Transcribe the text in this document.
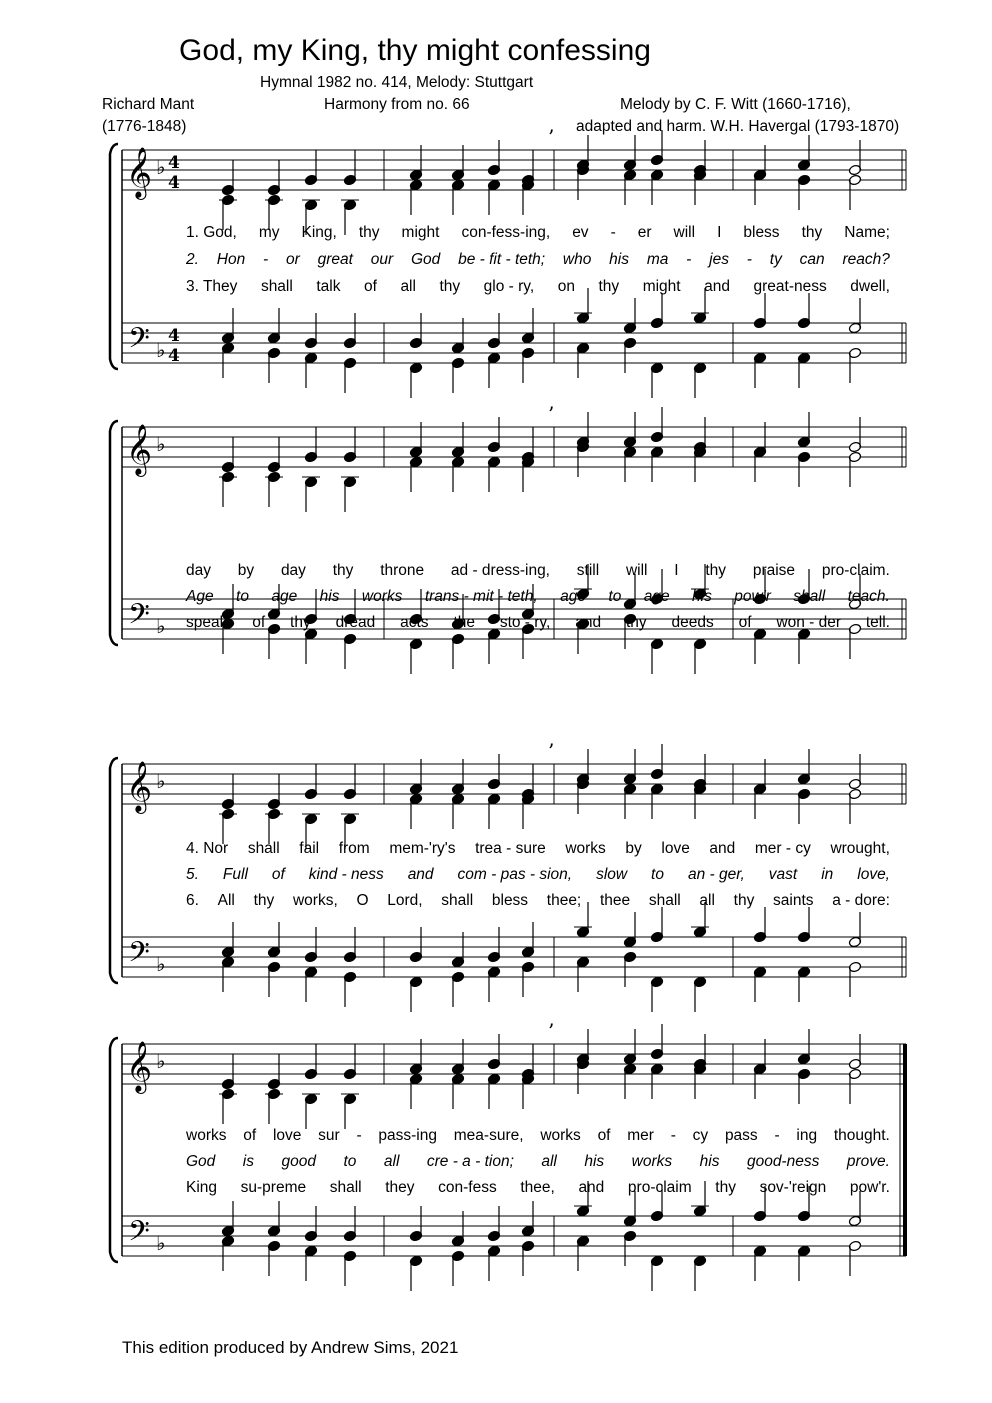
God, my King, thy might confessing
Hymnal 1982 no. 414, Melody: Stuttgart
Harmony from no. 66
Richard Mant
(1776-1848)
Melody by C. F. Witt (1660-1716),
adapted and harm. W.H. Havergal (1793-1870)
𝄞
𝄢
♭
♭
4
4
4
4
’
𝄞
𝄢
♭
♭
’
𝄞
𝄢
♭
♭
’
𝄞
𝄢
♭
♭
’
1. God, my King, thy might con-fess-ing, ev - er will I bless thy Name;
2. Hon - or great our God be - fit - teth; who his ma - jes - ty can reach?
3. They shall talk of all thy glo - ry, on thy might and great-ness dwell,
day by day thy throne ad - dress-ing, still will I thy praise pro-claim.
Age to age his works trans - mit - teth, age to age his pow'r shall teach.
speak of thy dread acts the sto - ry, and thy deeds of won - der tell.
4. Nor shall fail from mem-'ry's trea - sure works by love and mer - cy wrought,
5. Full of kind - ness and com - pas - sion, slow to an - ger, vast in love,
6. All thy works, O Lord, shall bless thee; thee shall all thy saints a - dore:
works of love sur - pass-ing mea-sure, works of mer - cy pass - ing thought.
God is good to all cre - a - tion; all his works his good-ness prove.
King su-preme shall they con-fess thee, and pro-claim thy sov-'reign pow'r.
This edition produced by Andrew Sims, 2021
